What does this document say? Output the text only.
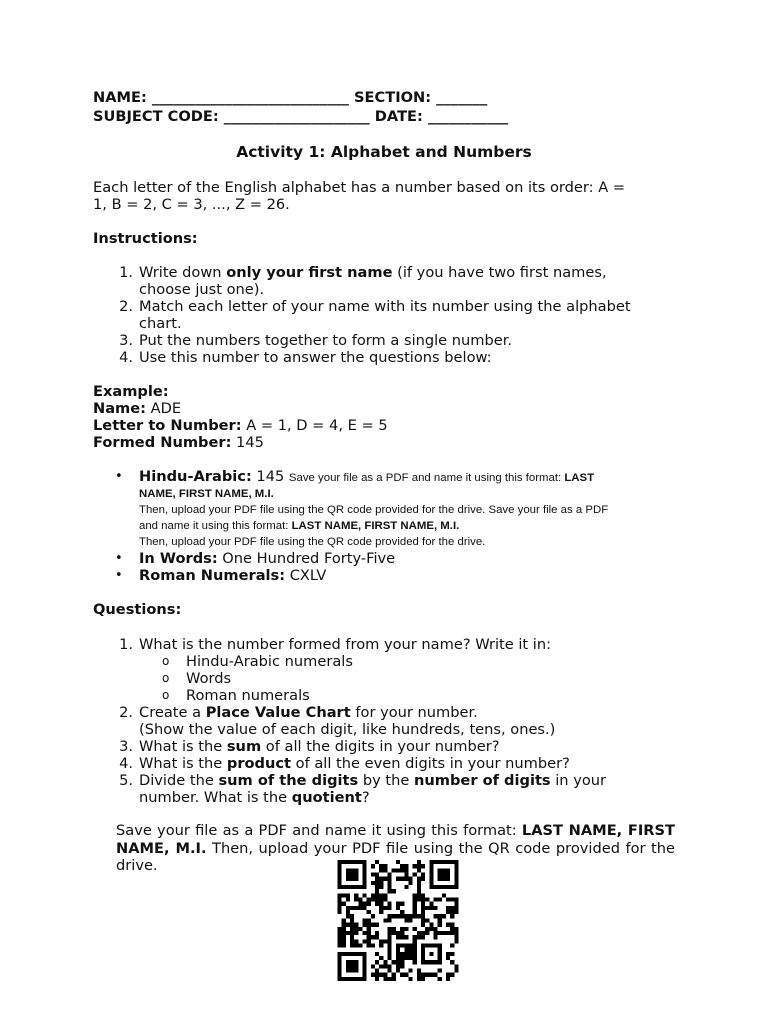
NAME: ___________________________ SECTION: _______
SUBJECT CODE: ____________________ DATE: ___________
Activity 1: Alphabet and Numbers
Each letter of the English alphabet has a number based on its order: A =
1, B = 2, C = 3, ..., Z = 26.
Instructions:
1. Write down only your first name (if you have two first names,
choose just one).
2. Match each letter of your name with its number using the alphabet
chart.
3. Put the numbers together to form a single number.
4. Use this number to answer the questions below:
Example:
Name: ADE
Letter to Number: A = 1, D = 4, E = 5
Formed Number: 145
• Hindu-Arabic: 145 Save your file as a PDF and name it using this format: LAST
NAME, FIRST NAME, M.I.
Then, upload your PDF file using the QR code provided for the drive. Save your file as a PDF
and name it using this format: LAST NAME, FIRST NAME, M.I.
Then, upload your PDF file using the QR code provided for the drive.
• In Words: One Hundred Forty-Five
• Roman Numerals: CXLV
Questions:
1. What is the number formed from your name? Write it in:
o Hindu-Arabic numerals
o Words
o Roman numerals
2. Create a Place Value Chart for your number.
(Show the value of each digit, like hundreds, tens, ones.)
3. What is the sum of all the digits in your number?
4. What is the product of all the even digits in your number?
5. Divide the sum of the digits by the number of digits in your
number. What is the quotient?
Save your file as a PDF and name it using this format: LAST NAME, FIRST NAME, M.I. Then, upload your PDF file using the QR code provided for the drive.
